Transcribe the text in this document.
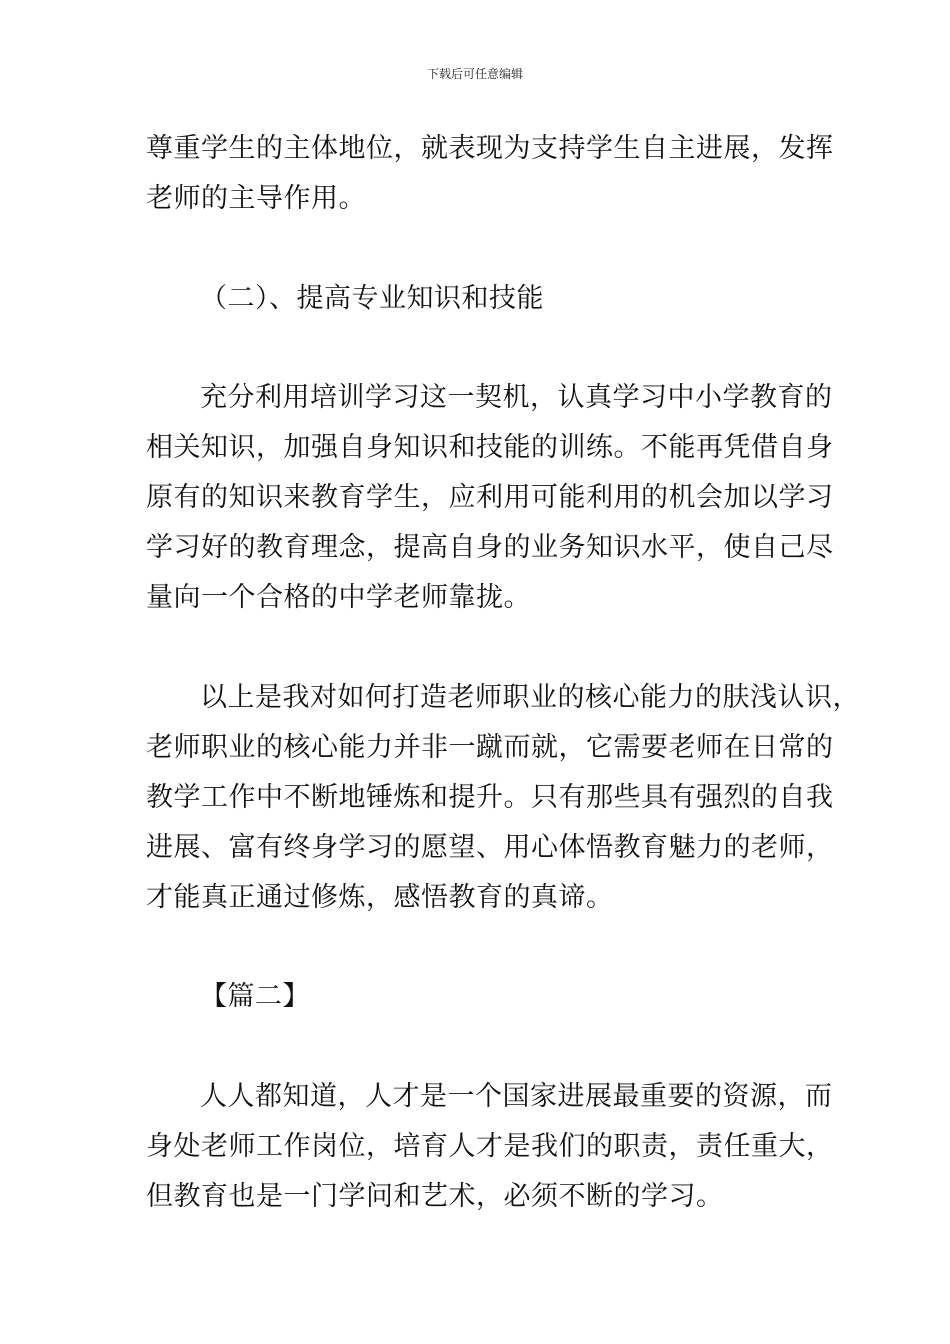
下载后可任意编辑
尊重学生的主体地位，就表现为支持学生自主进展，发挥
老师的主导作用。
（二）、提高专业知识和技能
充分利用培训学习这一契机，认真学习中小学教育的
相关知识，加强自身知识和技能的训练。不能再凭借自身
原有的知识来教育学生，应利用可能利用的机会加以学习
学习好的教育理念，提高自身的业务知识水平，使自己尽
量向一个合格的中学老师靠拢。
以上是我对如何打造老师职业的核心能力的肤浅认识，
老师职业的核心能力并非一蹴而就，它需要老师在日常的
教学工作中不断地锤炼和提升。只有那些具有强烈的自我
进展、富有终身学习的愿望、用心体悟教育魅力的老师，
才能真正通过修炼，感悟教育的真谛。
【篇二】
人人都知道，人才是一个国家进展最重要的资源，而
身处老师工作岗位，培育人才是我们的职责，责任重大，
但教育也是一门学问和艺术，必须不断的学习。
